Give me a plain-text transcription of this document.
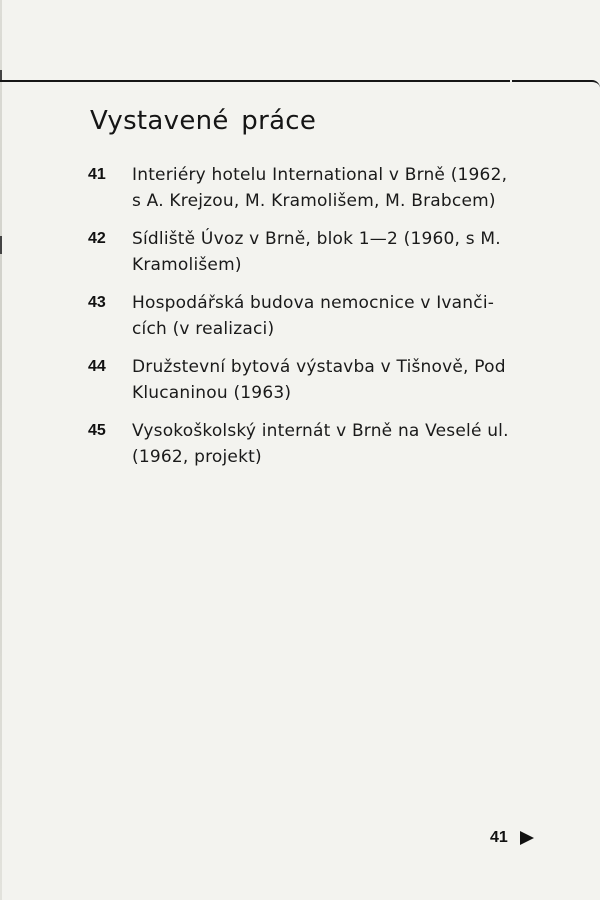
Vystavené práce
41	Interiéry hotelu International v Brně (1962,
s A. Krejzou, M. Kramolišem, M. Brabcem)
42	Sídliště Úvoz v Brně, blok 1—2 (1960, s M.
Kramolišem)
43	Hospodářská budova nemocnice v Ivanči-
cích (v realizaci)
44	Družstevní bytová výstavba v Tišnově, Pod
Klucaninou (1963)
45	Vysokoškolský internát v Brně na Veselé ul.
(1962, projekt)
41
